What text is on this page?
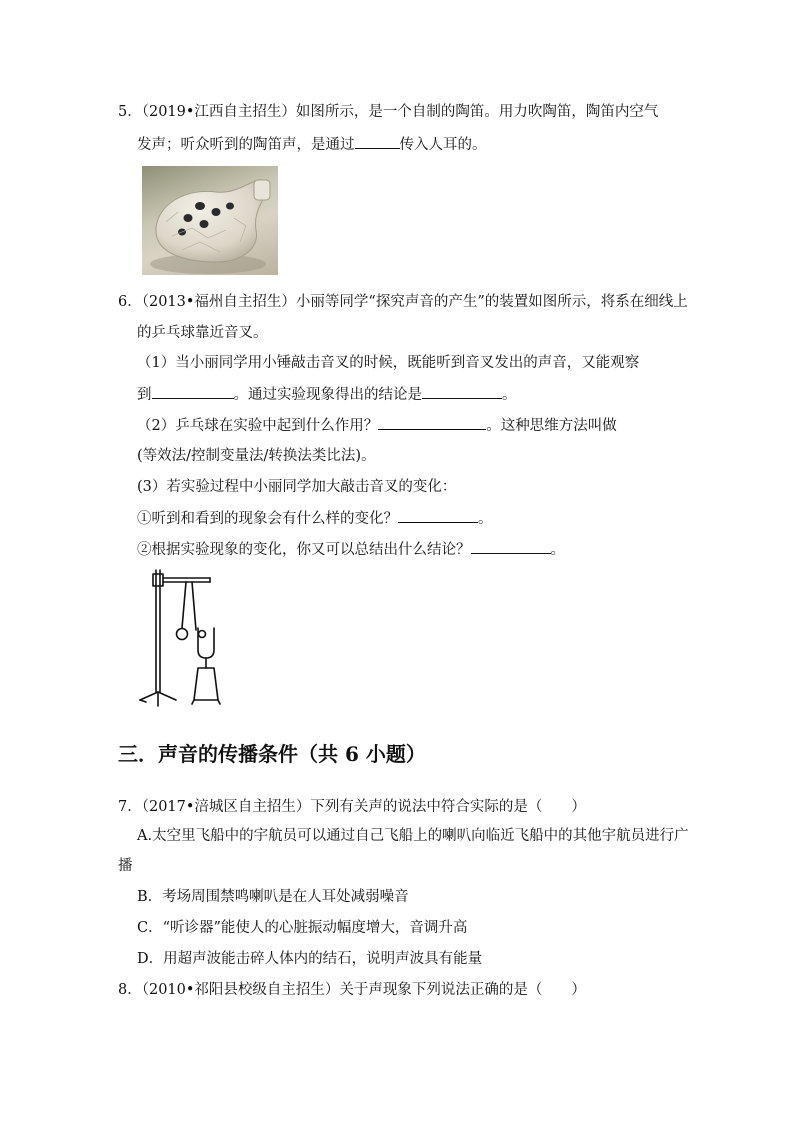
5．（2019•江西自主招生）如图所示，是一个自制的陶笛。用力吹陶笛，陶笛内空气
发声；听众听到的陶笛声，是通过	传入人耳的。
6．（2013•福州自主招生）小丽等同学“探究声音的产生”的装置如图所示，将系在细线上
的乒乓球靠近音叉。
（1）当小丽同学用小锤敲击音叉的时候，既能听到音叉发出的声音，又能观察
到	。通过实验现象得出的结论是	。
（2）乒乓球在实验中起到什么作用？	。这种思维方法叫做
(等效法/控制变量法/转换法类比法)。
(3）若实验过程中小丽同学加大敲击音叉的变化：
①听到和看到的现象会有什么样的变化？	。
②根据实验现象的变化，你又可以总结出什么结论？	。
三．声音的传播条件（共 6 小题）
7．（2017•涪城区自主招生）下列有关声的说法中符合实际的是（　　）
A.太空里飞船中的宇航员可以通过自己飞船上的喇叭向临近飞船中的其他宇航员进行广
播
B．考场周围禁鸣喇叭是在人耳处减弱噪音
C．“听诊器”能使人的心脏振动幅度增大，音调升高
D．用超声波能击碎人体内的结石，说明声波具有能量
8．（2010•祁阳县校级自主招生）关于声现象下列说法正确的是（　　）
